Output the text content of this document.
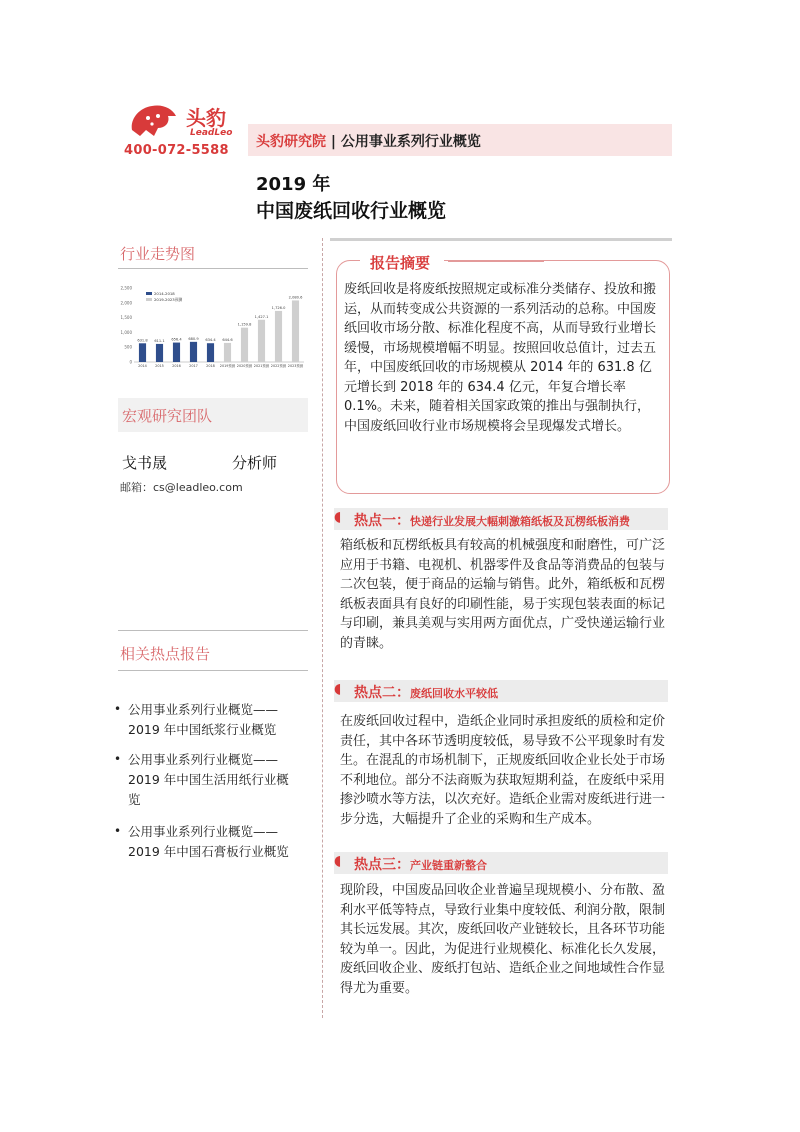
头豹
LeadLeo
400-072-5588
头豹研究院 | 公用事业系列行业概览
2019 年
中国废纸回收行业概览
行业走势图
0
500
1,000
1,500
2,000
2,500
631.8
2014
611.1
2015
656.4
2016
680.9
2017
634.4
2018
644.6
2019预测
1,159.8
2020预测
1,427.1
2021预测
1,726.0
2022预测
2,080.6
2023预测
2014-2018
2019-2023预测
宏观研究团队
戈书晟	分析师
邮箱：cs@leadleo.com
相关热点报告
• 公用事业系列行业概览——
2019 年中国纸浆行业概览
• 公用事业系列行业概览——
2019 年中国生活用纸行业概
览
• 公用事业系列行业概览——
2019 年中国石膏板行业概览
报告摘要
废纸回收是将废纸按照规定或标准分类储存、投放和搬运，从而转变成公共资源的一系列活动的总称。中国废纸回收市场分散、标准化程度不高，从而导致行业增长缓慢，市场规模增幅不明显。按照回收总值计，过去五年，中国废纸回收的市场规模从 2014 年的 631.8 亿元增长到 2018 年的 634.4 亿元，年复合增长率 0.1%。未来，随着相关国家政策的推出与强制执行，中国废纸回收行业市场规模将会呈现爆发式增长。
◖ 热点一：快递行业发展大幅刺激箱纸板及瓦楞纸板消费
箱纸板和瓦楞纸板具有较高的机械强度和耐磨性，可广泛应用于书籍、电视机、机器零件及食品等消费品的包装与二次包装，便于商品的运输与销售。此外，箱纸板和瓦楞纸板表面具有良好的印刷性能，易于实现包装表面的标记与印刷，兼具美观与实用两方面优点，广受快递运输行业的青睐。
◖ 热点二：废纸回收水平较低
在废纸回收过程中，造纸企业同时承担废纸的质检和定价责任，其中各环节透明度较低，易导致不公平现象时有发生。在混乱的市场机制下，正规废纸回收企业长处于市场不利地位。部分不法商贩为获取短期利益，在废纸中采用掺沙喷水等方法，以次充好。造纸企业需对废纸进行进一步分选，大幅提升了企业的采购和生产成本。
◖ 热点三：产业链重新整合
现阶段，中国废品回收企业普遍呈现规模小、分布散、盈利水平低等特点，导致行业集中度较低、利润分散，限制其长远发展。其次，废纸回收产业链较长，且各环节功能较为单一。因此，为促进行业规模化、标准化长久发展，废纸回收企业、废纸打包站、造纸企业之间地域性合作显得尤为重要。
